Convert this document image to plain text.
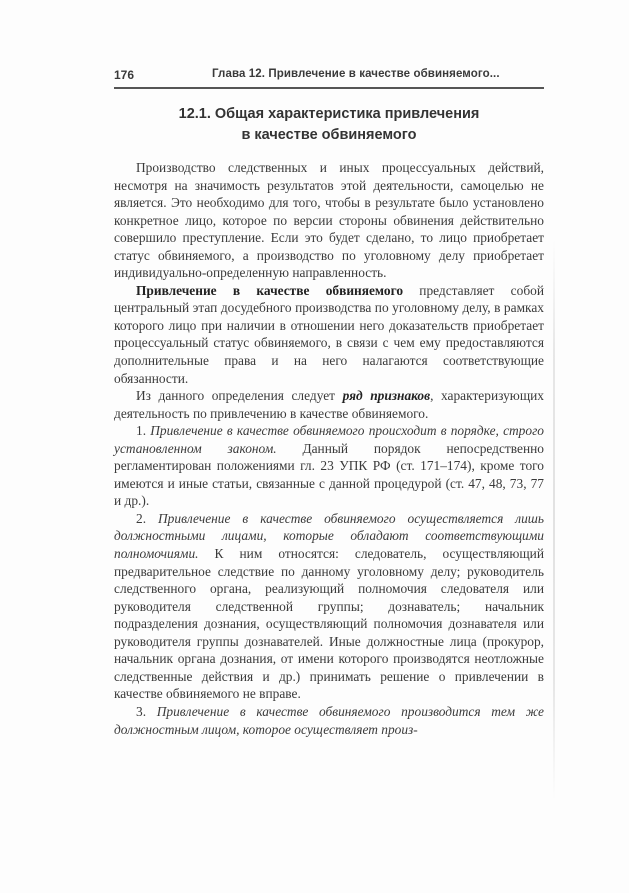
176	Глава 12. Привлечение в качестве обвиняемого...
12.1. Общая характеристика привлечения
в качестве обвиняемого

Производство следственных и иных процессуальных действий, несмотря на значимость результатов этой деятельности, самоцелью не является. Это необходимо для того, чтобы в результате было установлено конкретное лицо, которое по версии стороны обвинения действительно совершило преступление. Если это будет сделано, то лицо приобретает статус обвиняемого, а производство по уголовному делу приобретает индивидуально-определенную направленность.

Привлечение в качестве обвиняемого представляет собой центральный этап досудебного производства по уголовному делу, в рамках которого лицо при наличии в отношении него доказательств приобретает процессуальный статус обвиняемого, в связи с чем ему предоставляются дополнительные права и на него налагаются соответствующие обязанности.

Из данного определения следует ряд признаков, характеризующих деятельность по привлечению в качестве обвиняемого.

1. Привлечение в качестве обвиняемого происходит в порядке, строго установленном законом. Данный порядок непосредственно регламентирован положениями гл. 23 УПК РФ (ст. 171–174), кроме того имеются и иные статьи, связанные с данной процедурой (ст. 47, 48, 73, 77 и др.).

2. Привлечение в качестве обвиняемого осуществляется лишь должностными лицами, которые обладают соответствующими полномочиями. К ним относятся: следователь, осуществляющий предварительное следствие по данному уголовному делу; руководитель следственного органа, реализующий полномочия следователя или руководителя следственной группы; дознаватель; начальник подразделения дознания, осуществляющий полномочия дознавателя или руководителя группы дознавателей. Иные должностные лица (прокурор, начальник органа дознания, от имени которого производятся неотложные следственные действия и др.) принимать решение о привлечении в качестве обвиняемого не вправе.

3. Привлечение в качестве обвиняемого производится тем же должностным лицом, которое осуществляет произ-
